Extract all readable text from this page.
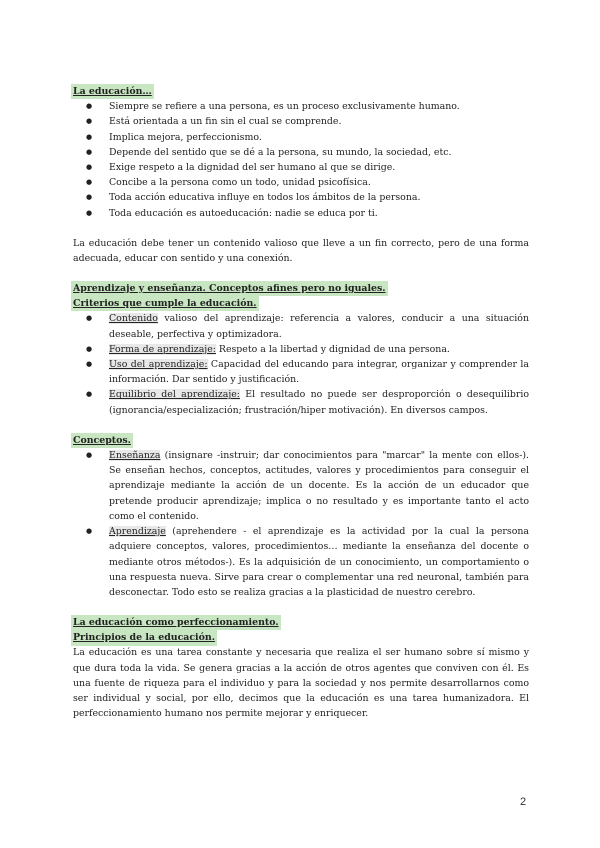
La educación…
● Siempre se refiere a una persona, es un proceso exclusivamente humano.
● Está orientada a un fin sin el cual se comprende.
● Implica mejora, perfeccionismo.
● Depende del sentido que se dé a la persona, su mundo, la sociedad, etc.
● Exige respeto a la dignidad del ser humano al que se dirige.
● Concibe a la persona como un todo, unidad psicofísica.
● Toda acción educativa influye en todos los ámbitos de la persona.
● Toda educación es autoeducación: nadie se educa por ti.

La educación debe tener un contenido valioso que lleve a un fin correcto, pero de una forma adecuada, educar con sentido y una conexión.

Aprendizaje y enseñanza. Conceptos afines pero no iguales.
Criterios que cumple la educación.
● Contenido valioso del aprendizaje: referencia a valores, conducir a una situación deseable, perfectiva y optimizadora.
● Forma de aprendizaje: Respeto a la libertad y dignidad de una persona.
● Uso del aprendizaje: Capacidad del educando para integrar, organizar y comprender la información. Dar sentido y justificación.
● Equilibrio del aprendizaje: El resultado no puede ser desproporción o desequilibrio (ignorancia/especialización; frustración/hiper motivación). En diversos campos.
Conceptos.
● Enseñanza (insignare -instruir; dar conocimientos para "marcar" la mente con ellos-). Se enseñan hechos, conceptos, actitudes, valores y procedimientos para conseguir el aprendizaje mediante la acción de un docente. Es la acción de un educador que pretende producir aprendizaje; implica o no resultado y es importante tanto el acto como el contenido.
● Aprendizaje (aprehendere - el aprendizaje es la actividad por la cual la persona adquiere conceptos, valores, procedimientos… mediante la enseñanza del docente o mediante otros métodos-). Es la adquisición de un conocimiento, un comportamiento o una respuesta nueva. Sirve para crear o complementar una red neuronal, también para desconectar. Todo esto se realiza gracias a la plasticidad de nuestro cerebro.
La educación como perfeccionamiento.
Principios de la educación.

La educación es una tarea constante y necesaria que realiza el ser humano sobre sí mismo y que dura toda la vida. Se genera gracias a la acción de otros agentes que conviven con él. Es una fuente de riqueza para el individuo y para la sociedad y nos permite desarrollarnos como ser individual y social, por ello, decimos que la educación es una tarea humanizadora. El perfeccionamiento humano nos permite mejorar y enriquecer.

2
